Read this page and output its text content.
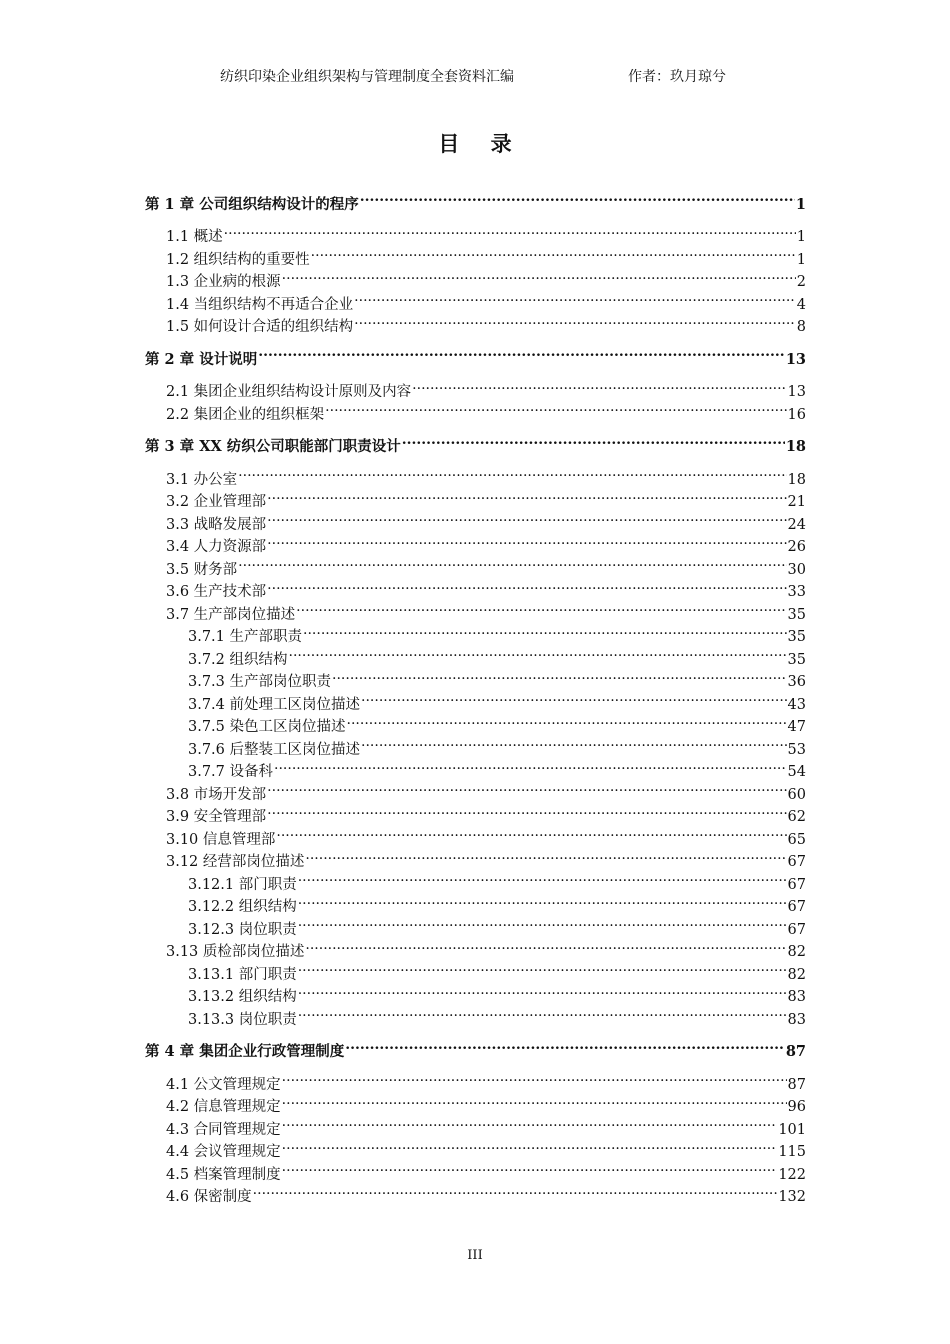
纺织印染企业组织架构与管理制度全套资料汇编	作者：玖月琼兮
目 录
第 1 章 公司组织结构设计的程序 .....	1
1.1 概述 .....	1
1.2 组织结构的重要性 .....	1
1.3 企业病的根源 .....	2
1.4 当组织结构不再适合企业 .....	4
1.5 如何设计合适的组织结构 .....	8
第 2 章 设计说明 .....	13
2.1 集团企业组织结构设计原则及内容 .....	13
2.2 集团企业的组织框架 .....	16
第 3 章 XX 纺织公司职能部门职责设计 .....	18
3.1 办公室 .....	18
3.2 企业管理部 .....	21
3.3 战略发展部 .....	24
3.4 人力资源部 .....	26
3.5 财务部 .....	30
3.6 生产技术部 .....	33
3.7 生产部岗位描述 .....	35
3.7.1 生产部职责 .....	35
3.7.2 组织结构 .....	35
3.7.3 生产部岗位职责 .....	36
3.7.4 前处理工区岗位描述 .....	43
3.7.5 染色工区岗位描述 .....	47
3.7.6 后整装工区岗位描述 .....	53
3.7.7 设备科 .....	54
3.8 市场开发部 .....	60
3.9 安全管理部 .....	62
3.10 信息管理部 .....	65
3.12 经营部岗位描述 .....	67
3.12.1 部门职责 .....	67
3.12.2 组织结构 .....	67
3.12.3 岗位职责 .....	67
3.13 质检部岗位描述 .....	82
3.13.1 部门职责 .....	82
3.13.2 组织结构 .....	83
3.13.3 岗位职责 .....	83
第 4 章 集团企业行政管理制度 .....	87
4.1 公文管理规定 .....	87
4.2 信息管理规定 .....	96
4.3 合同管理规定 .....	101
4.4 会议管理规定 .....	115
4.5 档案管理制度 .....	122
4.6 保密制度 .....	132
III
